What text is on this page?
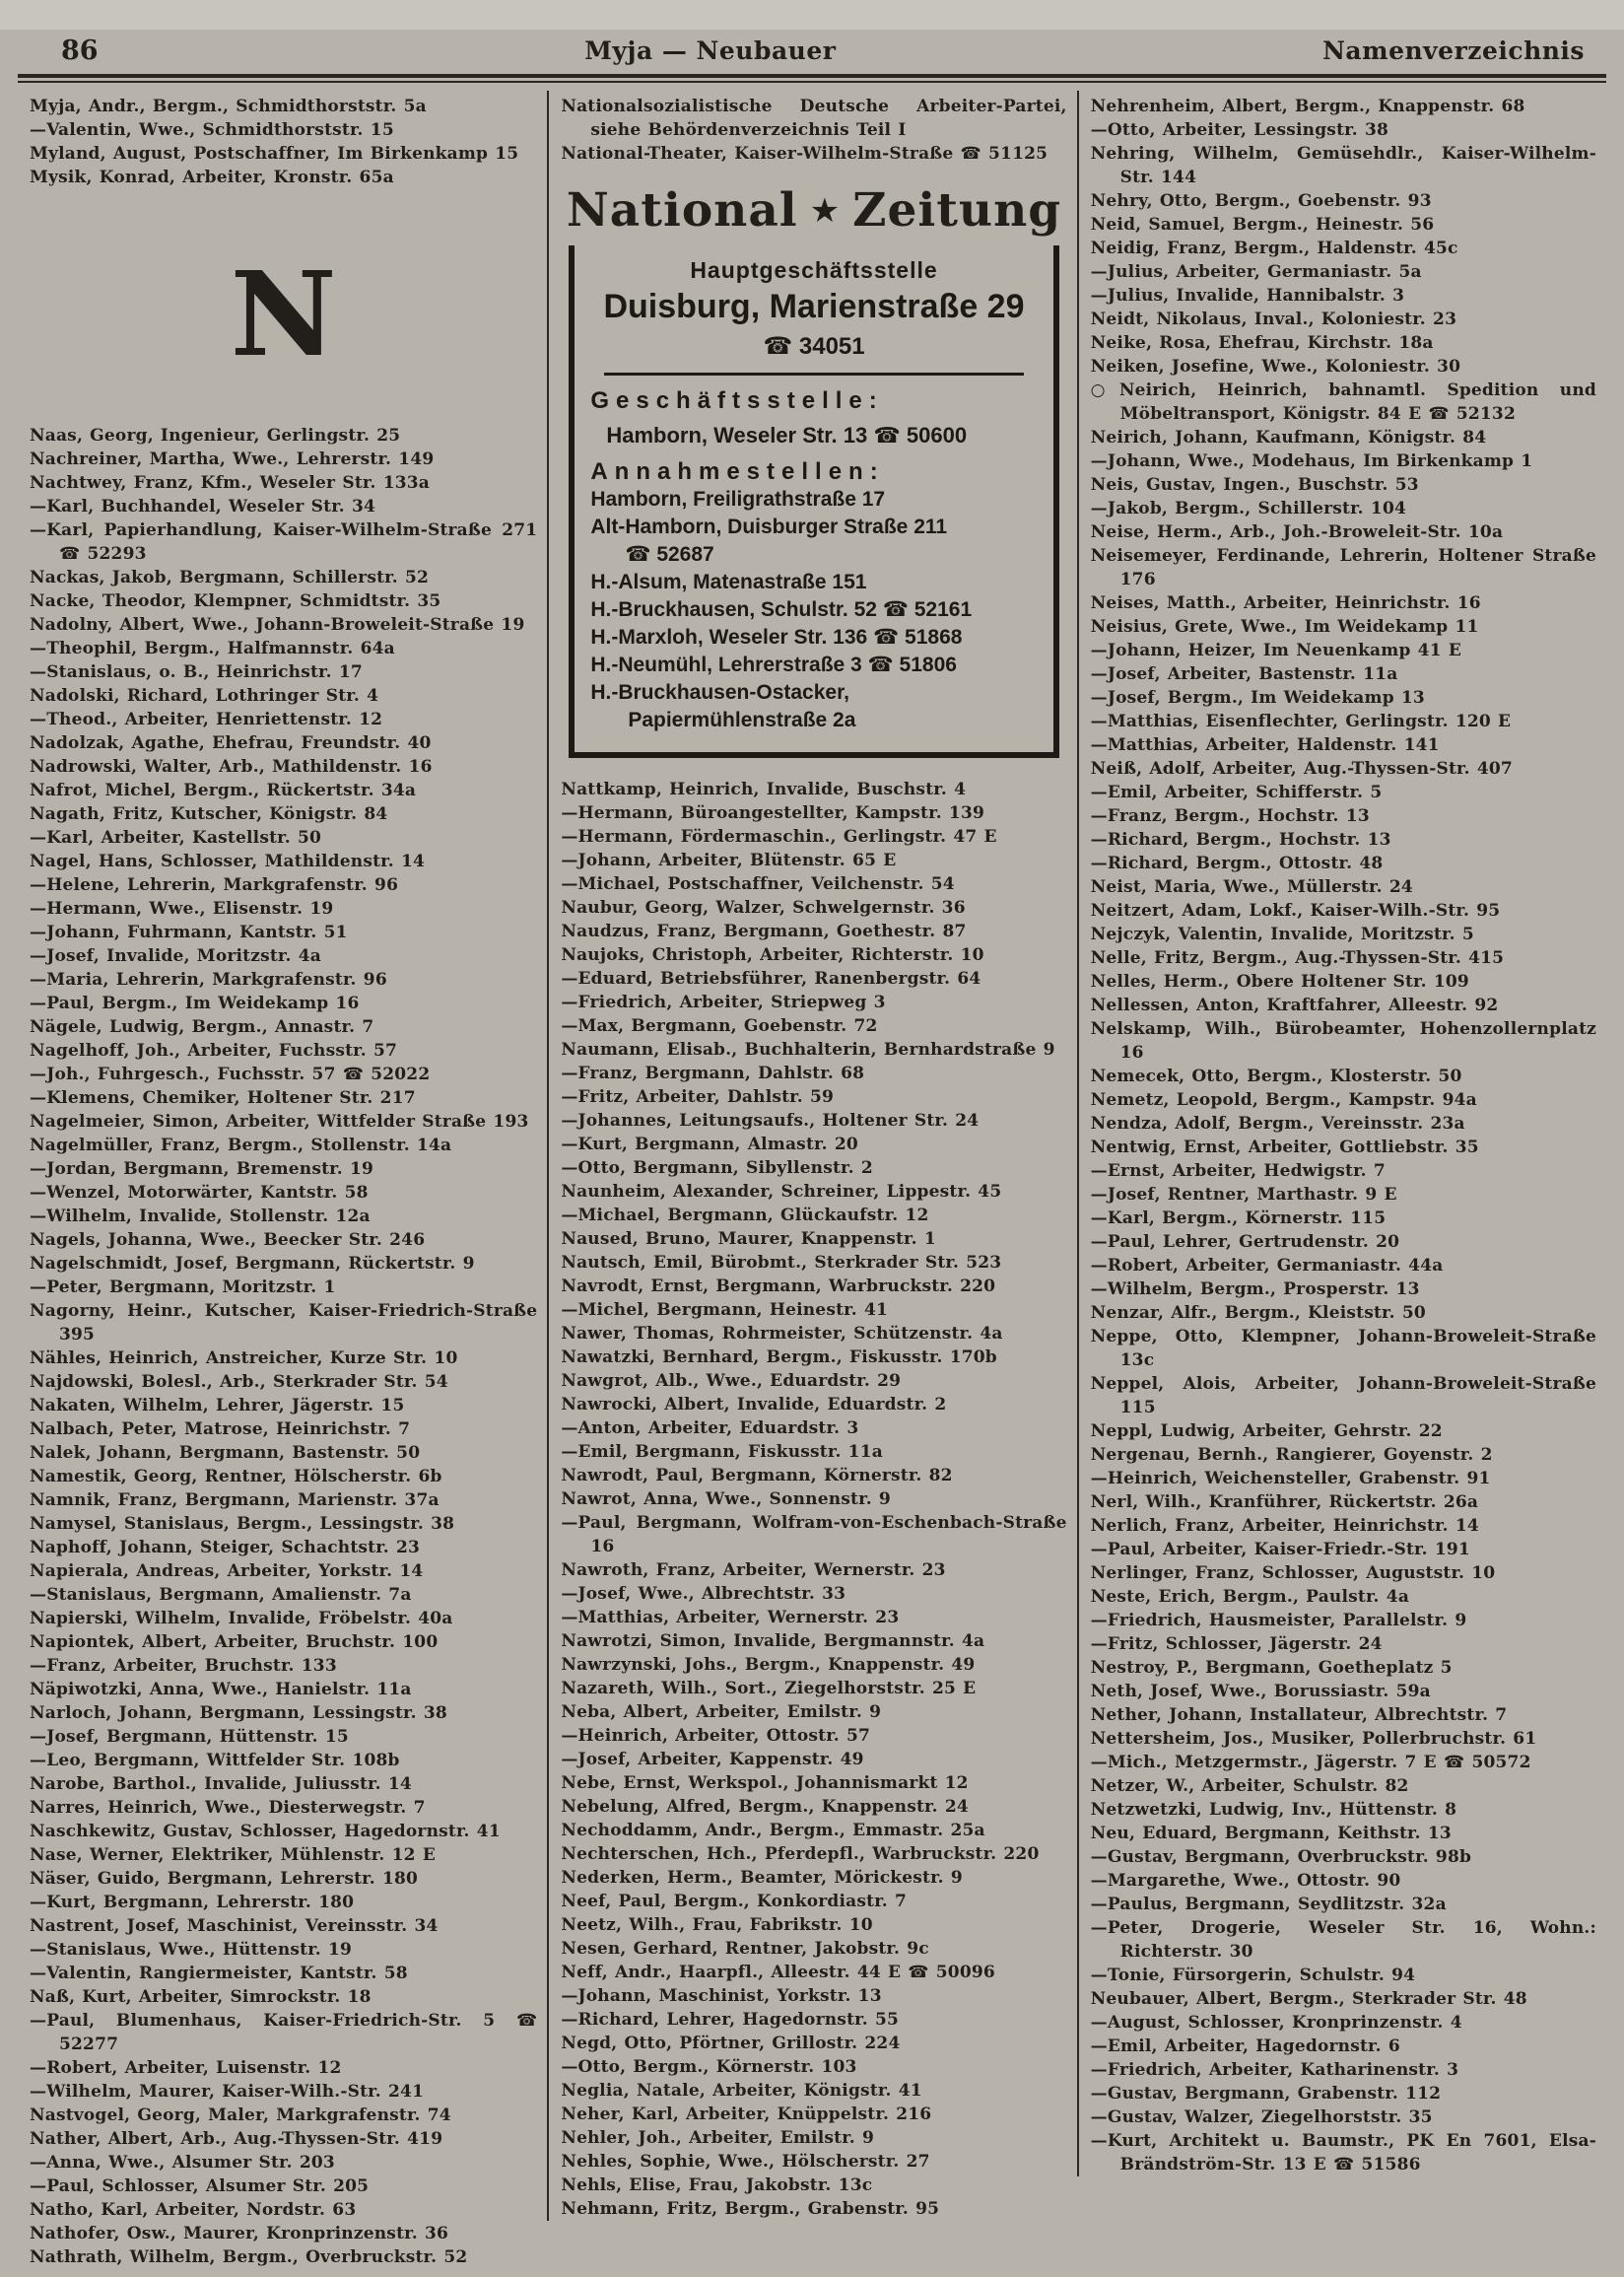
86	Myja — Neubauer	Namenverzeichnis
Myja, Andr., Bergm., Schmidthorststr. 5a
—Valentin, Wwe., Schmidthorststr. 15
Myland, August, Postschaffner, Im Birkenkamp 15
Mysik, Konrad, Arbeiter, Kronstr. 65a
N
Naas, Georg, Ingenieur, Gerlingstr. 25
Nachreiner, Martha, Wwe., Lehrerstr. 149
Nachtwey, Franz, Kfm., Weseler Str. 133a
—Karl, Buchhandel, Weseler Str. 34
—Karl, Papierhandlung, Kaiser-Wilhelm-Straße 271 ☎ 52293
Nackas, Jakob, Bergmann, Schillerstr. 52
Nacke, Theodor, Klempner, Schmidtstr. 35
Nadolny, Albert, Wwe., Johann-Broweleit-Straße 19
—Theophil, Bergm., Halfmannstr. 64a
—Stanislaus, o. B., Heinrichstr. 17
Nadolski, Richard, Lothringer Str. 4
—Theod., Arbeiter, Henriettenstr. 12
Nadolzak, Agathe, Ehefrau, Freundstr. 40
Nadrowski, Walter, Arb., Mathildenstr. 16
Nafrot, Michel, Bergm., Rückertstr. 34a
Nagath, Fritz, Kutscher, Königstr. 84
—Karl, Arbeiter, Kastellstr. 50
Nagel, Hans, Schlosser, Mathildenstr. 14
—Helene, Lehrerin, Markgrafenstr. 96
—Hermann, Wwe., Elisenstr. 19
—Johann, Fuhrmann, Kantstr. 51
—Josef, Invalide, Moritzstr. 4a
—Maria, Lehrerin, Markgrafenstr. 96
—Paul, Bergm., Im Weidekamp 16
Nägele, Ludwig, Bergm., Annastr. 7
Nagelhoff, Joh., Arbeiter, Fuchsstr. 57
—Joh., Fuhrgesch., Fuchsstr. 57 ☎ 52022
—Klemens, Chemiker, Holtener Str. 217
Nagelmeier, Simon, Arbeiter, Wittfelder Straße 193
Nagelmüller, Franz, Bergm., Stollenstr. 14a
—Jordan, Bergmann, Bremenstr. 19
—Wenzel, Motorwärter, Kantstr. 58
—Wilhelm, Invalide, Stollenstr. 12a
Nagels, Johanna, Wwe., Beecker Str. 246
Nagelschmidt, Josef, Bergmann, Rückertstr. 9
—Peter, Bergmann, Moritzstr. 1
Nagorny, Heinr., Kutscher, Kaiser-Friedrich-Straße 395
Nähles, Heinrich, Anstreicher, Kurze Str. 10
Najdowski, Bolesl., Arb., Sterkrader Str. 54
Nakaten, Wilhelm, Lehrer, Jägerstr. 15
Nalbach, Peter, Matrose, Heinrichstr. 7
Nalek, Johann, Bergmann, Bastenstr. 50
Namestik, Georg, Rentner, Hölscherstr. 6b
Namnik, Franz, Bergmann, Marienstr. 37a
Namysel, Stanislaus, Bergm., Lessingstr. 38
Naphoff, Johann, Steiger, Schachtstr. 23
Napierala, Andreas, Arbeiter, Yorkstr. 14
—Stanislaus, Bergmann, Amalienstr. 7a
Napierski, Wilhelm, Invalide, Fröbelstr. 40a
Napiontek, Albert, Arbeiter, Bruchstr. 100
—Franz, Arbeiter, Bruchstr. 133
Näpiwotzki, Anna, Wwe., Hanielstr. 11a
Narloch, Johann, Bergmann, Lessingstr. 38
—Josef, Bergmann, Hüttenstr. 15
—Leo, Bergmann, Wittfelder Str. 108b
Narobe, Barthol., Invalide, Juliusstr. 14
Narres, Heinrich, Wwe., Diesterwegstr. 7
Naschkewitz, Gustav, Schlosser, Hagedornstr. 41
Nase, Werner, Elektriker, Mühlenstr. 12 E
Näser, Guido, Bergmann, Lehrerstr. 180
—Kurt, Bergmann, Lehrerstr. 180
Nastrent, Josef, Maschinist, Vereinsstr. 34
—Stanislaus, Wwe., Hüttenstr. 19
—Valentin, Rangiermeister, Kantstr. 58
Naß, Kurt, Arbeiter, Simrockstr. 18
—Paul, Blumenhaus, Kaiser-Friedrich-Str. 5 ☎ 52277
—Robert, Arbeiter, Luisenstr. 12
—Wilhelm, Maurer, Kaiser-Wilh.-Str. 241
Nastvogel, Georg, Maler, Markgrafenstr. 74
Nather, Albert, Arb., Aug.-Thyssen-Str. 419
—Anna, Wwe., Alsumer Str. 203
—Paul, Schlosser, Alsumer Str. 205
Natho, Karl, Arbeiter, Nordstr. 63
Nathofer, Osw., Maurer, Kronprinzenstr. 36
Nathrath, Wilhelm, Bergm., Overbruckstr. 52
Nationalsozialistische Deutsche Arbeiter-Partei, siehe Behördenverzeichnis Teil I
National-Theater, Kaiser-Wilhelm-Straße ☎ 51125
National ★ Zeitung
Hauptgeschäftsstelle
Duisburg, Marienstraße 29
☎ 34051
Geschäftsstelle:
Hamborn, Weseler Str. 13 ☎ 50600
Annahmestellen:
Hamborn, Freiligrathstraße 17
Alt-Hamborn, Duisburger Straße 211
☎ 52687
H.-Alsum, Matenastraße 151
H.-Bruckhausen, Schulstr. 52 ☎ 52161
H.-Marxloh, Weseler Str. 136 ☎ 51868
H.-Neumühl, Lehrerstraße 3 ☎ 51806
H.-Bruckhausen-Ostacker, Papiermühlenstraße 2a
Nattkamp, Heinrich, Invalide, Buschstr. 4
—Hermann, Büroangestellter, Kampstr. 139
—Hermann, Fördermaschin., Gerlingstr. 47 E
—Johann, Arbeiter, Blütenstr. 65 E
—Michael, Postschaffner, Veilchenstr. 54
Naubur, Georg, Walzer, Schwelgernstr. 36
Naudzus, Franz, Bergmann, Goethestr. 87
Naujoks, Christoph, Arbeiter, Richterstr. 10
—Eduard, Betriebsführer, Ranenbergstr. 64
—Friedrich, Arbeiter, Striepweg 3
—Max, Bergmann, Goebenstr. 72
Naumann, Elisab., Buchhalterin, Bernhardstraße 9
—Franz, Bergmann, Dahlstr. 68
—Fritz, Arbeiter, Dahlstr. 59
—Johannes, Leitungsaufs., Holtener Str. 24
—Kurt, Bergmann, Almastr. 20
—Otto, Bergmann, Sibyllenstr. 2
Naunheim, Alexander, Schreiner, Lippestr. 45
—Michael, Bergmann, Glückaufstr. 12
Naused, Bruno, Maurer, Knappenstr. 1
Nautsch, Emil, Bürobmt., Sterkrader Str. 523
Navrodt, Ernst, Bergmann, Warbruckstr. 220
—Michel, Bergmann, Heinestr. 41
Nawer, Thomas, Rohrmeister, Schützenstr. 4a
Nawatzki, Bernhard, Bergm., Fiskusstr. 170b
Nawgrot, Alb., Wwe., Eduardstr. 29
Nawrocki, Albert, Invalide, Eduardstr. 2
—Anton, Arbeiter, Eduardstr. 3
—Emil, Bergmann, Fiskusstr. 11a
Nawrodt, Paul, Bergmann, Körnerstr. 82
Nawrot, Anna, Wwe., Sonnenstr. 9
—Paul, Bergmann, Wolfram-von-Eschenbach-Straße 16
Nawroth, Franz, Arbeiter, Wernerstr. 23
—Josef, Wwe., Albrechtstr. 33
—Matthias, Arbeiter, Wernerstr. 23
Nawrotzi, Simon, Invalide, Bergmannstr. 4a
Nawrzynski, Johs., Bergm., Knappenstr. 49
Nazareth, Wilh., Sort., Ziegelhorststr. 25 E
Neba, Albert, Arbeiter, Emilstr. 9
—Heinrich, Arbeiter, Ottostr. 57
—Josef, Arbeiter, Kappenstr. 49
Nebe, Ernst, Werkspol., Johannismarkt 12
Nebelung, Alfred, Bergm., Knappenstr. 24
Nechoddamm, Andr., Bergm., Emmastr. 25a
Nechterschen, Hch., Pferdepfl., Warbruckstr. 220
Nederken, Herm., Beamter, Mörickestr. 9
Neef, Paul, Bergm., Konkordiastr. 7
Neetz, Wilh., Frau, Fabrikstr. 10
Nesen, Gerhard, Rentner, Jakobstr. 9c
Neff, Andr., Haarpfl., Alleestr. 44 E ☎ 50096
—Johann, Maschinist, Yorkstr. 13
—Richard, Lehrer, Hagedornstr. 55
Negd, Otto, Pförtner, Grillostr. 224
—Otto, Bergm., Körnerstr. 103
Neglia, Natale, Arbeiter, Königstr. 41
Neher, Karl, Arbeiter, Knüppelstr. 216
Nehler, Joh., Arbeiter, Emilstr. 9
Nehles, Sophie, Wwe., Hölscherstr. 27
Nehls, Elise, Frau, Jakobstr. 13c
Nehmann, Fritz, Bergm., Grabenstr. 95
Nehrenheim, Albert, Bergm., Knappenstr. 68
—Otto, Arbeiter, Lessingstr. 38
Nehring, Wilhelm, Gemüsehdlr., Kaiser-Wilhelm-Str. 144
Nehry, Otto, Bergm., Goebenstr. 93
Neid, Samuel, Bergm., Heinestr. 56
Neidig, Franz, Bergm., Haldenstr. 45c
—Julius, Arbeiter, Germaniastr. 5a
—Julius, Invalide, Hannibalstr. 3
Neidt, Nikolaus, Inval., Koloniestr. 23
Neike, Rosa, Ehefrau, Kirchstr. 18a
Neiken, Josefine, Wwe., Koloniestr. 30
○Neirich, Heinrich, bahnamtl. Spedition und Möbeltransport, Königstr. 84 E ☎ 52132
Neirich, Johann, Kaufmann, Königstr. 84
—Johann, Wwe., Modehaus, Im Birkenkamp 1
Neis, Gustav, Ingen., Buschstr. 53
—Jakob, Bergm., Schillerstr. 104
Neise, Herm., Arb., Joh.-Broweleit-Str. 10a
Neisemeyer, Ferdinande, Lehrerin, Holtener Straße 176
Neises, Matth., Arbeiter, Heinrichstr. 16
Neisius, Grete, Wwe., Im Weidekamp 11
—Johann, Heizer, Im Neuenkamp 41 E
—Josef, Arbeiter, Bastenstr. 11a
—Josef, Bergm., Im Weidekamp 13
—Matthias, Eisenflechter, Gerlingstr. 120 E
—Matthias, Arbeiter, Haldenstr. 141
Neiß, Adolf, Arbeiter, Aug.-Thyssen-Str. 407
—Emil, Arbeiter, Schifferstr. 5
—Franz, Bergm., Hochstr. 13
—Richard, Bergm., Hochstr. 13
—Richard, Bergm., Ottostr. 48
Neist, Maria, Wwe., Müllerstr. 24
Neitzert, Adam, Lokf., Kaiser-Wilh.-Str. 95
Nejczyk, Valentin, Invalide, Moritzstr. 5
Nelle, Fritz, Bergm., Aug.-Thyssen-Str. 415
Nelles, Herm., Obere Holtener Str. 109
Nellessen, Anton, Kraftfahrer, Alleestr. 92
Nelskamp, Wilh., Bürobeamter, Hohenzollernplatz 16
Nemecek, Otto, Bergm., Klosterstr. 50
Nemetz, Leopold, Bergm., Kampstr. 94a
Nendza, Adolf, Bergm., Vereinsstr. 23a
Nentwig, Ernst, Arbeiter, Gottliebstr. 35
—Ernst, Arbeiter, Hedwigstr. 7
—Josef, Rentner, Marthastr. 9 E
—Karl, Bergm., Körnerstr. 115
—Paul, Lehrer, Gertrudenstr. 20
—Robert, Arbeiter, Germaniastr. 44a
—Wilhelm, Bergm., Prosperstr. 13
Nenzar, Alfr., Bergm., Kleiststr. 50
Neppe, Otto, Klempner, Johann-Broweleit-Straße 13c
Neppel, Alois, Arbeiter, Johann-Broweleit-Straße 115
Neppl, Ludwig, Arbeiter, Gehrstr. 22
Nergenau, Bernh., Rangierer, Goyenstr. 2
—Heinrich, Weichensteller, Grabenstr. 91
Nerl, Wilh., Kranführer, Rückertstr. 26a
Nerlich, Franz, Arbeiter, Heinrichstr. 14
—Paul, Arbeiter, Kaiser-Friedr.-Str. 191
Nerlinger, Franz, Schlosser, Auguststr. 10
Neste, Erich, Bergm., Paulstr. 4a
—Friedrich, Hausmeister, Parallelstr. 9
—Fritz, Schlosser, Jägerstr. 24
Nestroy, P., Bergmann, Goetheplatz 5
Neth, Josef, Wwe., Borussiastr. 59a
Nether, Johann, Installateur, Albrechtstr. 7
Nettersheim, Jos., Musiker, Pollerbruchstr. 61
—Mich., Metzgermstr., Jägerstr. 7 E ☎ 50572
Netzer, W., Arbeiter, Schulstr. 82
Netzwetzki, Ludwig, Inv., Hüttenstr. 8
Neu, Eduard, Bergmann, Keithstr. 13
—Gustav, Bergmann, Overbruckstr. 98b
—Margarethe, Wwe., Ottostr. 90
—Paulus, Bergmann, Seydlitzstr. 32a
—Peter, Drogerie, Weseler Str. 16, Wohn.: Richterstr. 30
—Tonie, Fürsorgerin, Schulstr. 94
Neubauer, Albert, Bergm., Sterkrader Str. 48
—August, Schlosser, Kronprinzenstr. 4
—Emil, Arbeiter, Hagedornstr. 6
—Friedrich, Arbeiter, Katharinenstr. 3
—Gustav, Bergmann, Grabenstr. 112
—Gustav, Walzer, Ziegelhorststr. 35
—Kurt, Architekt u. Baumstr., PK En 7601, Elsa-Brändström-Str. 13 E ☎ 51586
